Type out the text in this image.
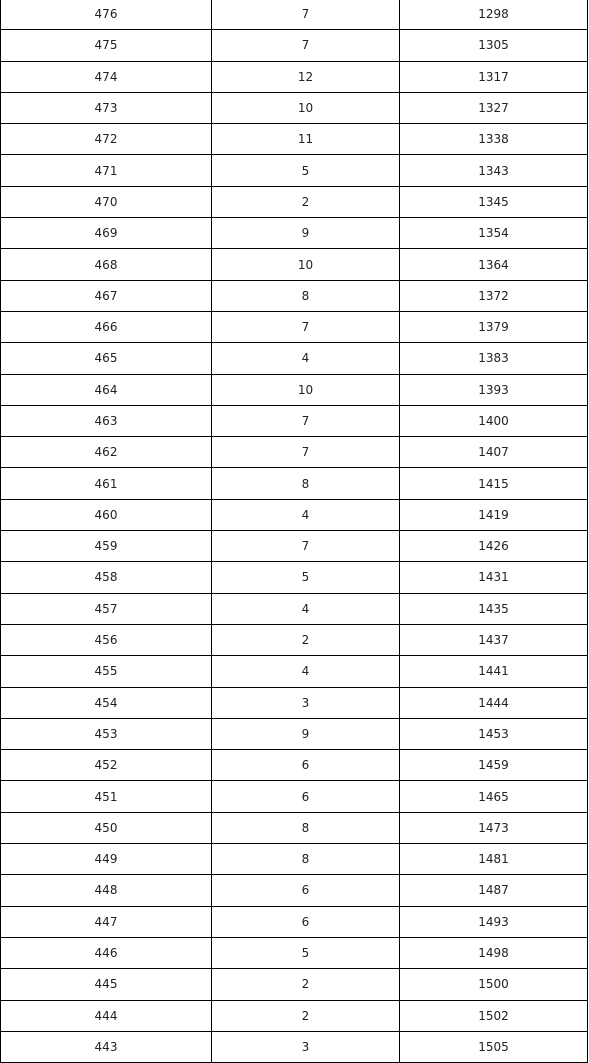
476	7	1298
475	7	1305
474	12	1317
473	10	1327
472	11	1338
471	5	1343
470	2	1345
469	9	1354
468	10	1364
467	8	1372
466	7	1379
465	4	1383
464	10	1393
463	7	1400
462	7	1407
461	8	1415
460	4	1419
459	7	1426
458	5	1431
457	4	1435
456	2	1437
455	4	1441
454	3	1444
453	9	1453
452	6	1459
451	6	1465
450	8	1473
449	8	1481
448	6	1487
447	6	1493
446	5	1498
445	2	1500
444	2	1502
443	3	1505
